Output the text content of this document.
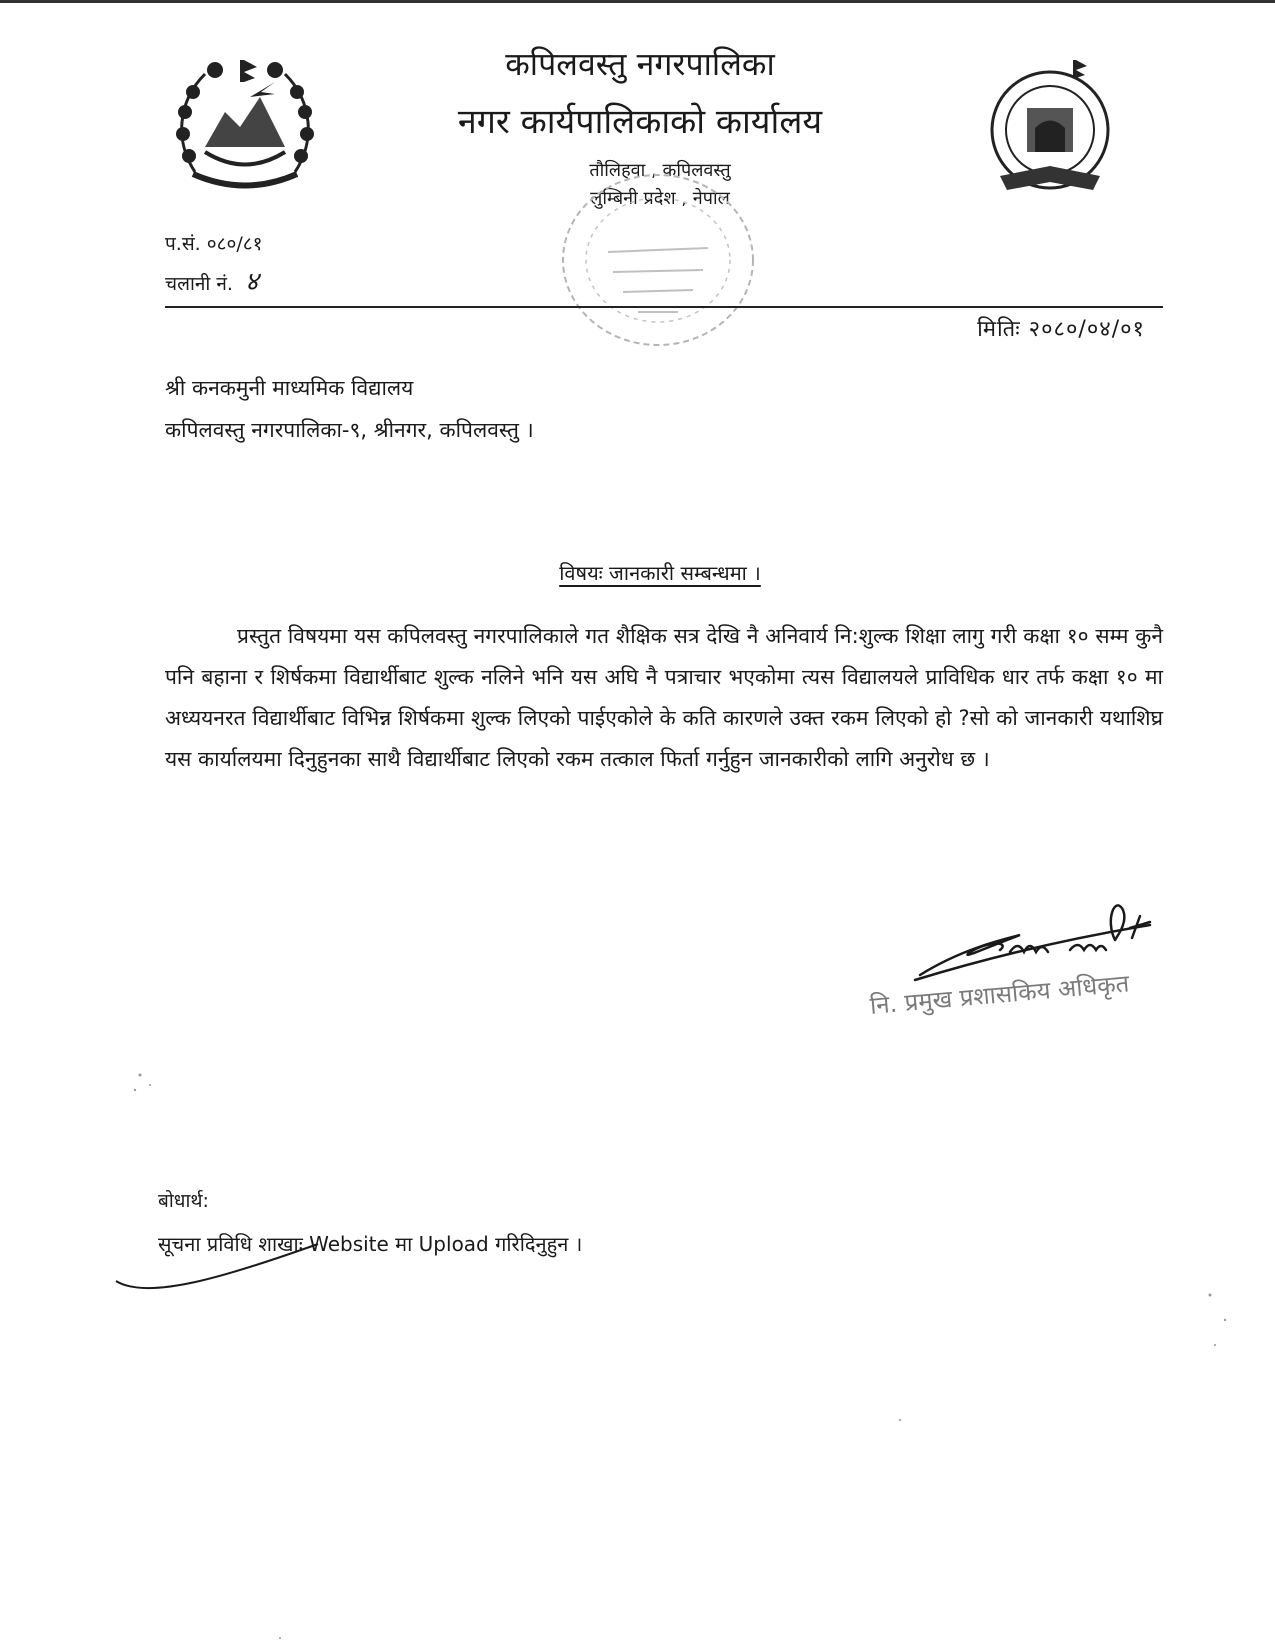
कपिलवस्तु नगरपालिका
नगर कार्यपालिकाको कार्यालय
तौलिहवा , कपिलवस्तु
लुम्बिनी प्रदेश , नेपाल
प.सं. ०८०/८१
चलानी नं. ४
मितिः २०८०/०४/०१
श्री कनकमुनी माध्यमिक विद्यालय
कपिलवस्तु नगरपालिका-९, श्रीनगर, कपिलवस्तु ।
विषयः जानकारी सम्बन्धमा ।
प्रस्तुत विषयमा यस कपिलवस्तु नगरपालिकाले गत शैक्षिक सत्र देखि नै अनिवार्य नि:शुल्क शिक्षा लागु गरी कक्षा १० सम्म कुनै पनि बहाना र शिर्षकमा विद्यार्थीबाट शुल्क नलिने भनि यस अघि नै पत्राचार भएकोमा त्यस विद्यालयले प्राविधिक धार तर्फ कक्षा १० मा अध्ययनरत विद्यार्थीबाट विभिन्न शिर्षकमा शुल्क लिएको पाईएकोले के कति कारणले उक्त रकम लिएको हो ?सो को जानकारी यथाशिघ्र यस कार्यालयमा दिनुहुनका साथै विद्यार्थीबाट लिएको रकम तत्काल फिर्ता गर्नुहुन जानकारीको लागि अनुरोध छ ।
नि. प्रमुख प्रशासकिय अधिकृत
बोधार्थ:
सूचना प्रविधि शाखाः Website मा Upload गरिदिनुहुन ।
